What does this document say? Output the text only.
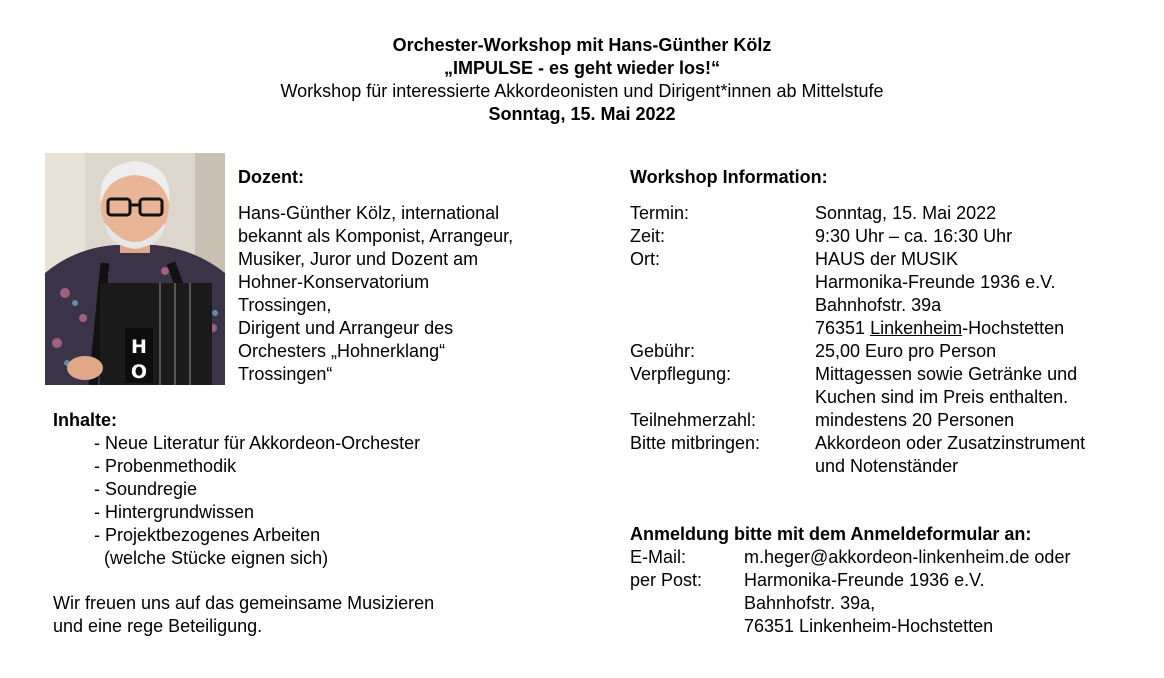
Orchester-Workshop mit Hans-Günther Kölz
„IMPULSE - es geht wieder los!“
Workshop für interessierte Akkordeonisten und Dirigent*innen ab Mittelstufe
Sonntag, 15. Mai 2022
H
O
Dozent:
Hans-Günther Kölz, international
bekannt als Komponist, Arrangeur,
Musiker, Juror und Dozent am
Hohner-Konservatorium
Trossingen,
Dirigent und Arrangeur des
Orchesters „Hohnerklang“
Trossingen“
Inhalte:
- Neue Literatur für Akkordeon-Orchester
- Probenmethodik
- Soundregie
- Hintergrundwissen
- Projektbezogenes Arbeiten
(welche Stücke eignen sich)
Wir freuen uns auf das gemeinsame Musizieren
und eine rege Beteiligung.
Workshop Information:
Termin:	Sonntag, 15. Mai 2022
Zeit:	9:30 Uhr – ca. 16:30 Uhr
Ort:	HAUS der MUSIK
Harmonika-Freunde 1936 e.V.
Bahnhofstr. 39a
76351 Linkenheim-Hochstetten

Gebühr:	25,00 Euro pro Person
Verpflegung:	Mittagessen sowie Getränke und
Kuchen sind im Preis enthalten.

Teilnehmerzahl:	mindestens 20 Personen
Bitte mitbringen:	Akkordeon oder Zusatzinstrument
und Notenständer
Anmeldung bitte mit dem Anmeldeformular an:
E-Mail:	m.heger@akkordeon-linkenheim.de oder
per Post:	Harmonika-Freunde 1936 e.V.
Bahnhofstr. 39a,
76351 Linkenheim-Hochstetten
